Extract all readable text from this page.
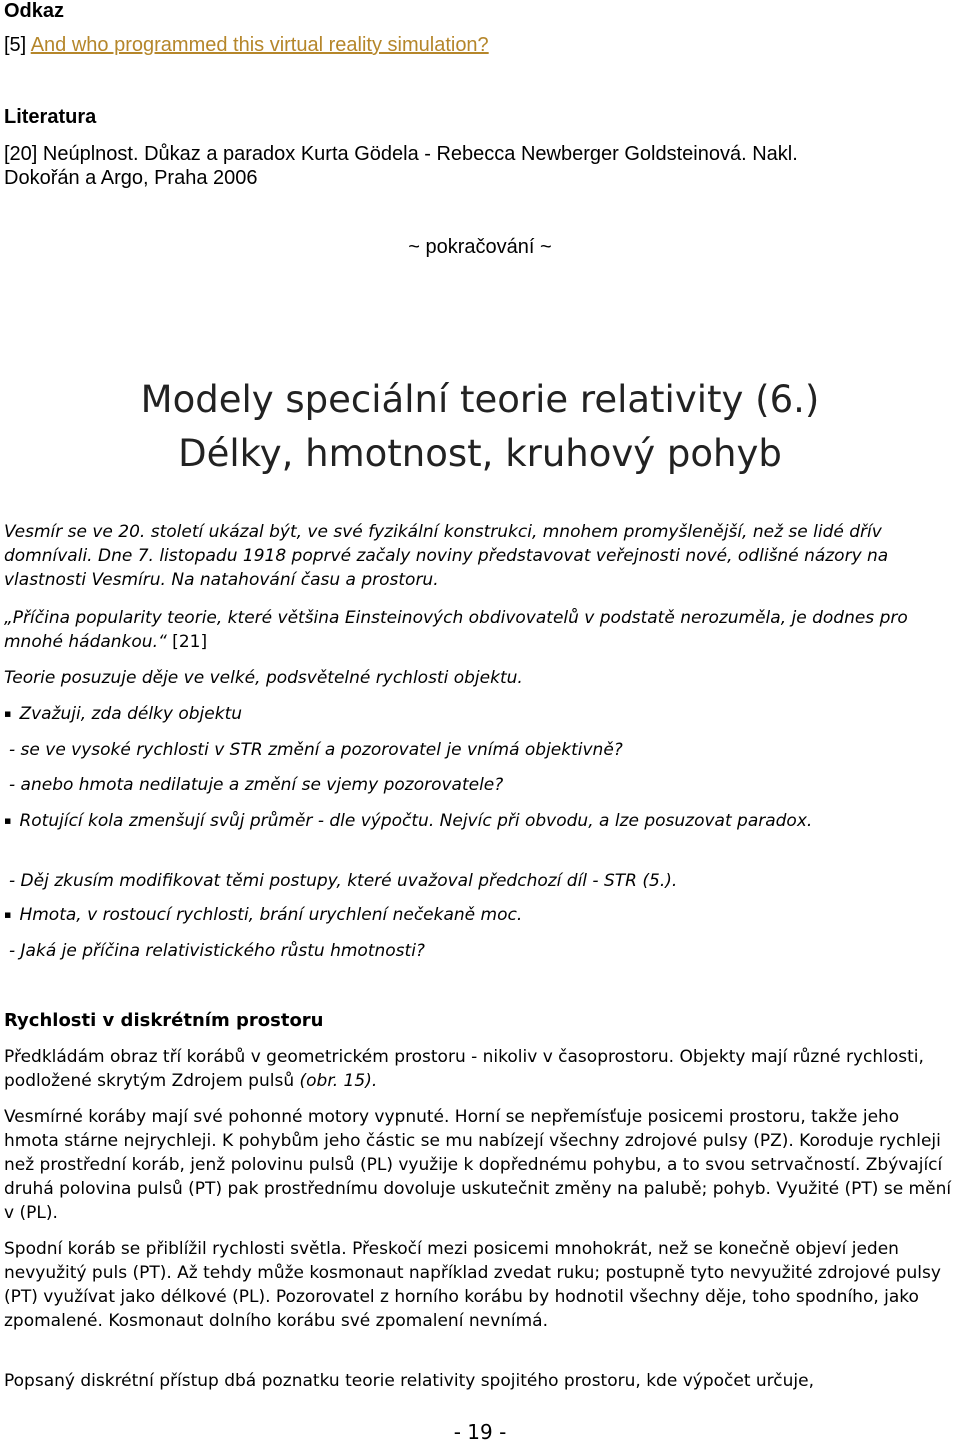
Odkaz
[5] And who programmed this virtual reality simulation?
Literatura
[20] Neúplnost. Důkaz a paradox Kurta Gödela - Rebecca Newberger Goldsteinová. Nakl.
Dokořán a Argo, Praha 2006
~ pokračování ~
Modely speciální teorie relativity (6.)
Délky, hmotnost, kruhový pohyb
Vesmír se ve 20. století ukázal být, ve své fyzikální konstrukci, mnohem promyšlenější, než se lidé dřív domnívali. Dne 7. listopadu 1918 poprvé začaly noviny představovat veřejnosti nové, odlišné názory na vlastnosti Vesmíru. Na natahování času a prostoru.
„Příčina popularity teorie, které většina Einsteinových obdivovatelů v podstatě nerozuměla, je dodnes pro mnohé hádankou.“ [21]
Teorie posuzuje děje ve velké, podsvětelné rychlosti objektu.
▪ Zvažuji, zda délky objektu
- se ve vysoké rychlosti v STR změní a pozorovatel je vnímá objektivně?
- anebo hmota nedilatuje a změní se vjemy pozorovatele?
▪ Rotující kola zmenšují svůj průměr - dle výpočtu. Nejvíc při obvodu, a lze posuzovat paradox.
- Děj zkusím modifikovat těmi postupy, které uvažoval předchozí díl - STR (5.).
▪ Hmota, v rostoucí rychlosti, brání urychlení nečekaně moc.
- Jaká je příčina relativistického růstu hmotnosti?
Rychlosti v diskrétním prostoru
Předkládám obraz tří korábů v geometrickém prostoru - nikoliv v časoprostoru. Objekty mají různé rychlosti, podložené skrytým Zdrojem pulsů (obr. 15).
Vesmírné koráby mají své pohonné motory vypnuté. Horní se nepřemísťuje posicemi prostoru, takže jeho hmota stárne nejrychleji. K pohybům jeho částic se mu nabízejí všechny zdrojové pulsy (PZ). Koroduje rychleji než prostřední koráb, jenž polovinu pulsů (PL) využije k dopřednému pohybu, a to svou setrvačností. Zbývající druhá polovina pulsů (PT) pak prostřednímu dovoluje uskutečnit změny na palubě; pohyb. Využité (PT) se mění v (PL).
Spodní koráb se přiblížil rychlosti světla. Přeskočí mezi posicemi mnohokrát, než se konečně objeví jeden nevyužitý puls (PT). Až tehdy může kosmonaut například zvedat ruku; postupně tyto nevyužité zdrojové pulsy (PT) využívat jako délkové (PL). Pozorovatel z horního korábu by hodnotil všechny děje, toho spodního, jako zpomalené. Kosmonaut dolního korábu své zpomalení nevnímá.
Popsaný diskrétní přístup dbá poznatku teorie relativity spojitého prostoru, kde výpočet určuje,
- 19 -
